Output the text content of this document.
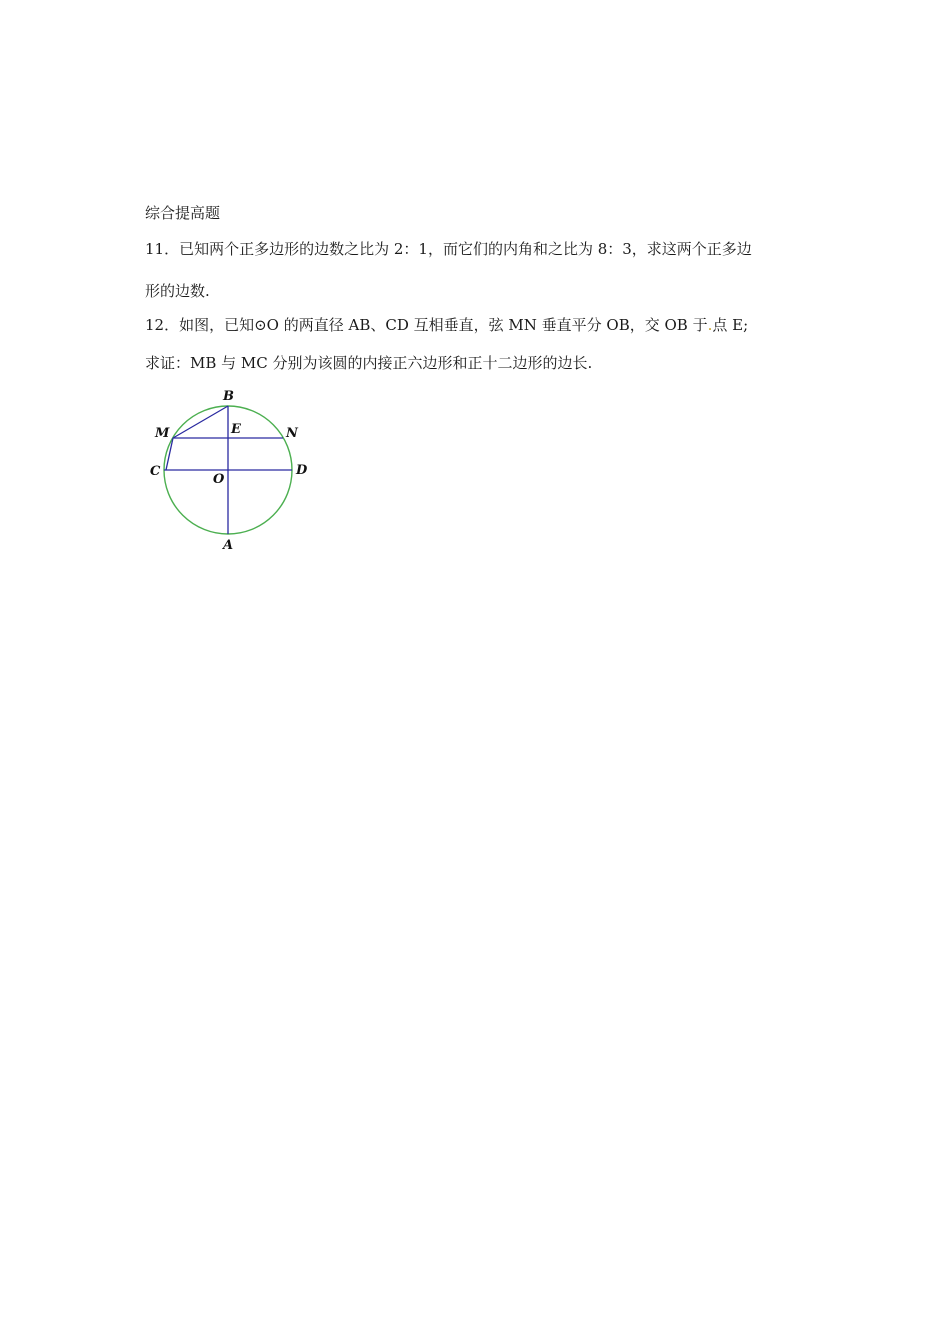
综合提高题
11．已知两个正多边形的边数之比为 2：1，而它们的内角和之比为 8：3，求这两个正多边
形的边数.
12．如图，已知⊙O 的两直径 AB、CD 互相垂直，弦 MN 垂直平分 OB，交 OB 于.点 E;
求证：MB 与 MC 分别为该圆的内接正六边形和正十二边形的边长.
B
M	E	N
C
O
D
A
